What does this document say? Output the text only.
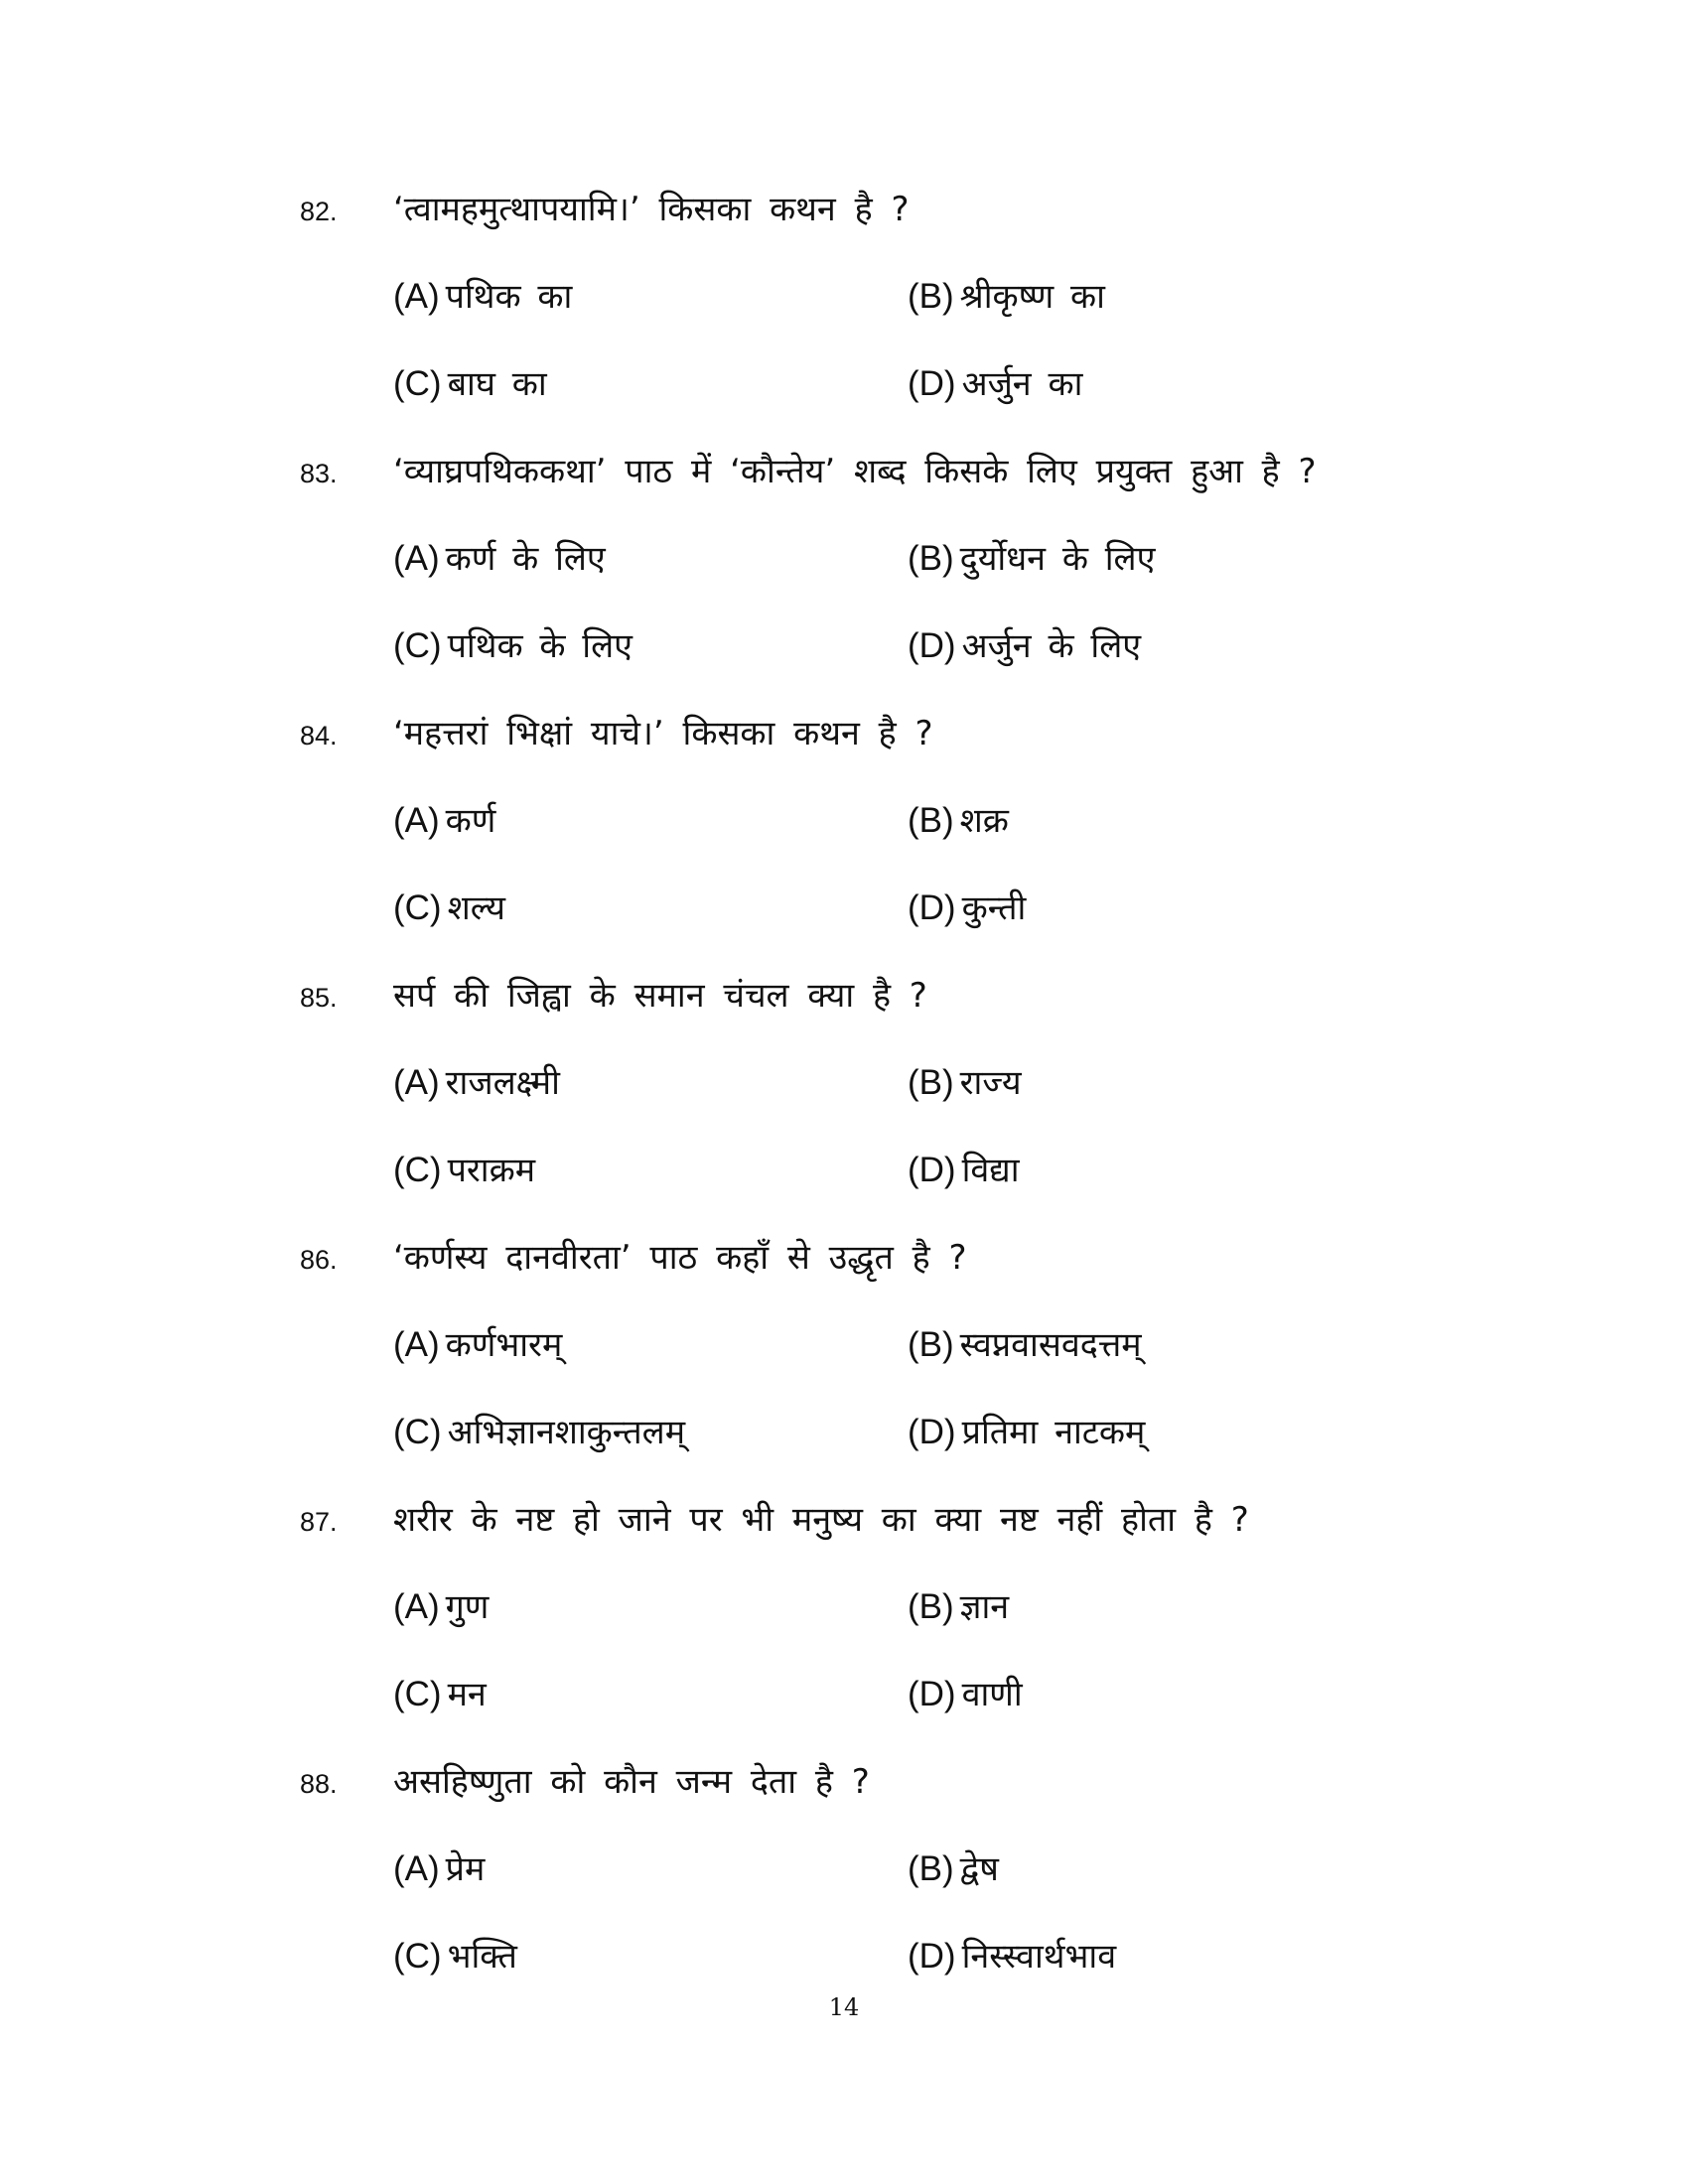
82. ‘त्वामहमुत्थापयामि।’ किसका कथन है ?
(A) पथिक का	(B) श्रीकृष्ण का
(C) बाघ का	(D) अर्जुन का
83. ‘व्याघ्रपथिककथा’ पाठ में ‘कौन्तेय’ शब्द किसके लिए प्रयुक्त हुआ है ?
(A) कर्ण के लिए	(B) दुर्योधन के लिए
(C) पथिक के लिए	(D) अर्जुन के लिए
84. ‘महत्तरां भिक्षां याचे।’ किसका कथन है ?
(A) कर्ण	(B) शक्र
(C) शल्य	(D) कुन्ती
85. सर्प की जिह्वा के समान चंचल क्या है ?
(A) राजलक्ष्मी	(B) राज्य
(C) पराक्रम	(D) विद्या
86. ‘कर्णस्य दानवीरता’ पाठ कहाँ से उद्धृत है ?
(A) कर्णभारम्	(B) स्वप्नवासवदत्तम्
(C) अभिज्ञानशाकुन्तलम्	(D) प्रतिमा नाटकम्
87. शरीर के नष्ट हो जाने पर भी मनुष्य का क्या नष्ट नहीं होता है ?
(A) गुण	(B) ज्ञान
(C) मन	(D) वाणी
88. असहिष्णुता को कौन जन्म देता है ?
(A) प्रेम	(B) द्वेष
(C) भक्ति	(D) निस्स्वार्थभाव
14
